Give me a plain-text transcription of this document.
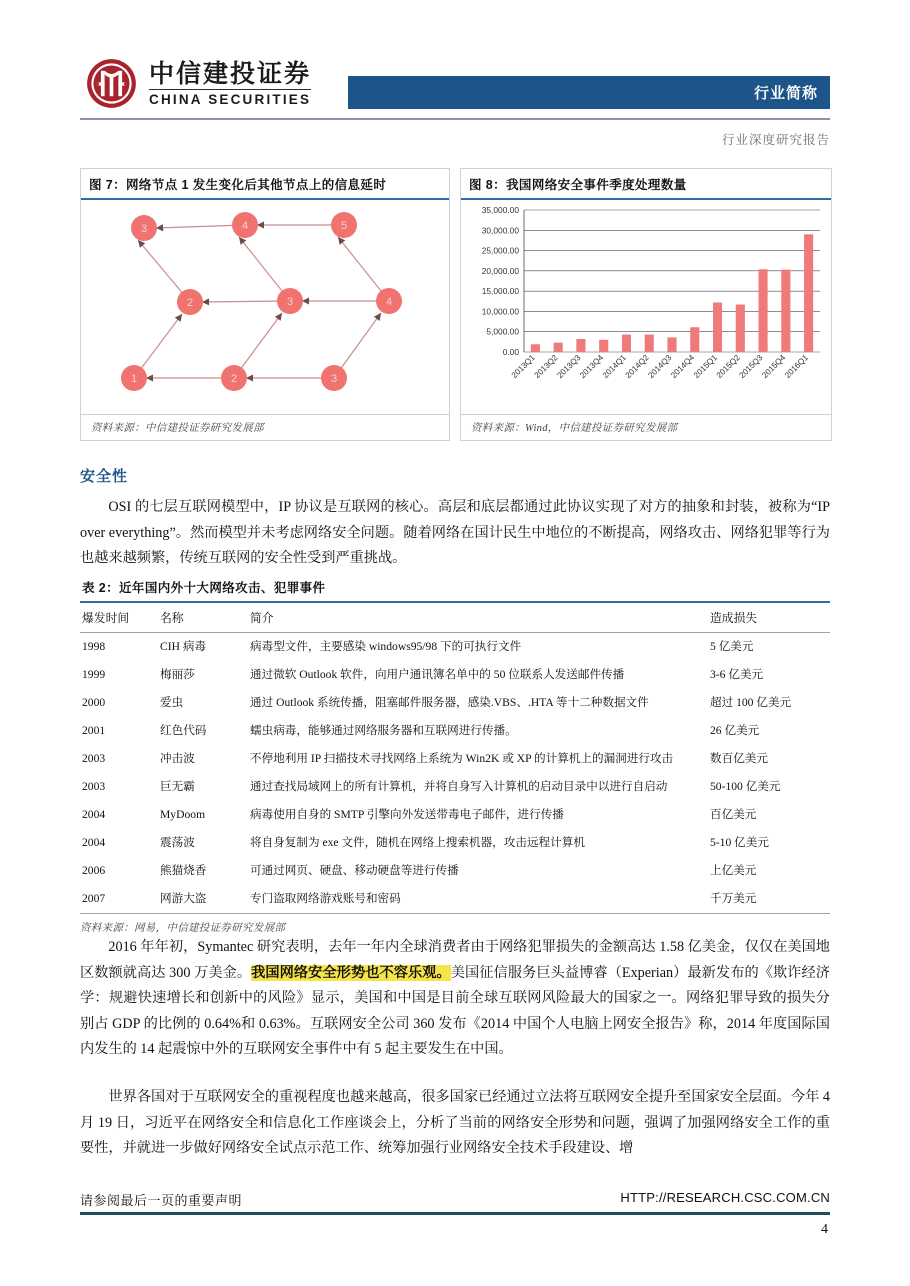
中信建投证券
CHINA SECURITIES	行业简称
行业深度研究报告
图 7：网络节点 1 发生变化后其他节点上的信息延时
3	4	5
2	3	4
1	2	3
资料来源：中信建投证券研究发展部
图 8：我国网络安全事件季度处理数量
0.00
5,000.00
10,000.00
15,000.00
20,000.00
25,000.00
30,000.00
35,000.00
2013Q1
2013Q2
2013Q3
2013Q4
2014Q1
2014Q2
2014Q3
2014Q4
2015Q1
2015Q2
2015Q3
2015Q4
2016Q1
资料来源：Wind，中信建投证券研究发展部
安全性
OSI 的七层互联网模型中，IP 协议是互联网的核心。高层和底层都通过此协议实现了对方的抽象和封装，被称为“IP over everything”。然而模型并未考虑网络安全问题。随着网络在国计民生中地位的不断提高，网络攻击、网络犯罪等行为也越来越频繁，传统互联网的安全性受到严重挑战。
表 2：近年国内外十大网络攻击、犯罪事件
爆发时间	名称	简介	造成损失
1998	CIH 病毒	病毒型文件，主要感染 windows95/98 下的可执行文件	5 亿美元
1999	梅丽莎	通过微软 Outlook 软件，向用户通讯簿名单中的 50 位联系人发送邮件传播	3-6 亿美元
2000	爱虫	通过 Outlook 系统传播，阻塞邮件服务器，感染.VBS、.HTA 等十二种数据文件	超过 100 亿美元
2001	红色代码	蠕虫病毒，能够通过网络服务器和互联网进行传播。	26 亿美元
2003	冲击波	不停地利用 IP 扫描技术寻找网络上系统为 Win2K 或 XP 的计算机上的漏洞进行攻击	数百亿美元
2003	巨无霸	通过查找局域网上的所有计算机，并将自身写入计算机的启动目录中以进行自启动	50-100 亿美元
2004	MyDoom	病毒使用自身的 SMTP 引擎向外发送带毒电子邮件，进行传播	百亿美元
2004	震荡波	将自身复制为 exe 文件，随机在网络上搜索机器，攻击远程计算机	5-10 亿美元
2006	熊猫烧香	可通过网页、硬盘、移动硬盘等进行传播	上亿美元
2007	网游大盗	专门盗取网络游戏账号和密码	千万美元
资料来源：网易，中信建投证券研究发展部
2016 年年初，Symantec 研究表明，去年一年内全球消费者由于网络犯罪损失的金额高达 1.58 亿美金，仅仅在美国地区数额就高达 300 万美金。我国网络安全形势也不容乐观。美国征信服务巨头益博睿（Experian）最新发布的《欺诈经济学：规避快速增长和创新中的风险》显示，美国和中国是目前全球互联网风险最大的国家之一。网络犯罪导致的损失分别占 GDP 的比例的 0.64%和 0.63%。互联网安全公司 360 发布《2014 中国个人电脑上网安全报告》称，2014 年度国际国内发生的 14 起震惊中外的互联网安全事件中有 5 起主要发生在中国。
世界各国对于互联网安全的重视程度也越来越高，很多国家已经通过立法将互联网安全提升至国家安全层面。今年 4 月 19 日，习近平在网络安全和信息化工作座谈会上，分析了当前的网络安全形势和问题，强调了加强网络安全工作的重要性，并就进一步做好网络安全试点示范工作、统筹加强行业网络安全技术手段建设、增
请参阅最后一页的重要声明	HTTP://RESEARCH.CSC.COM.CN
4
